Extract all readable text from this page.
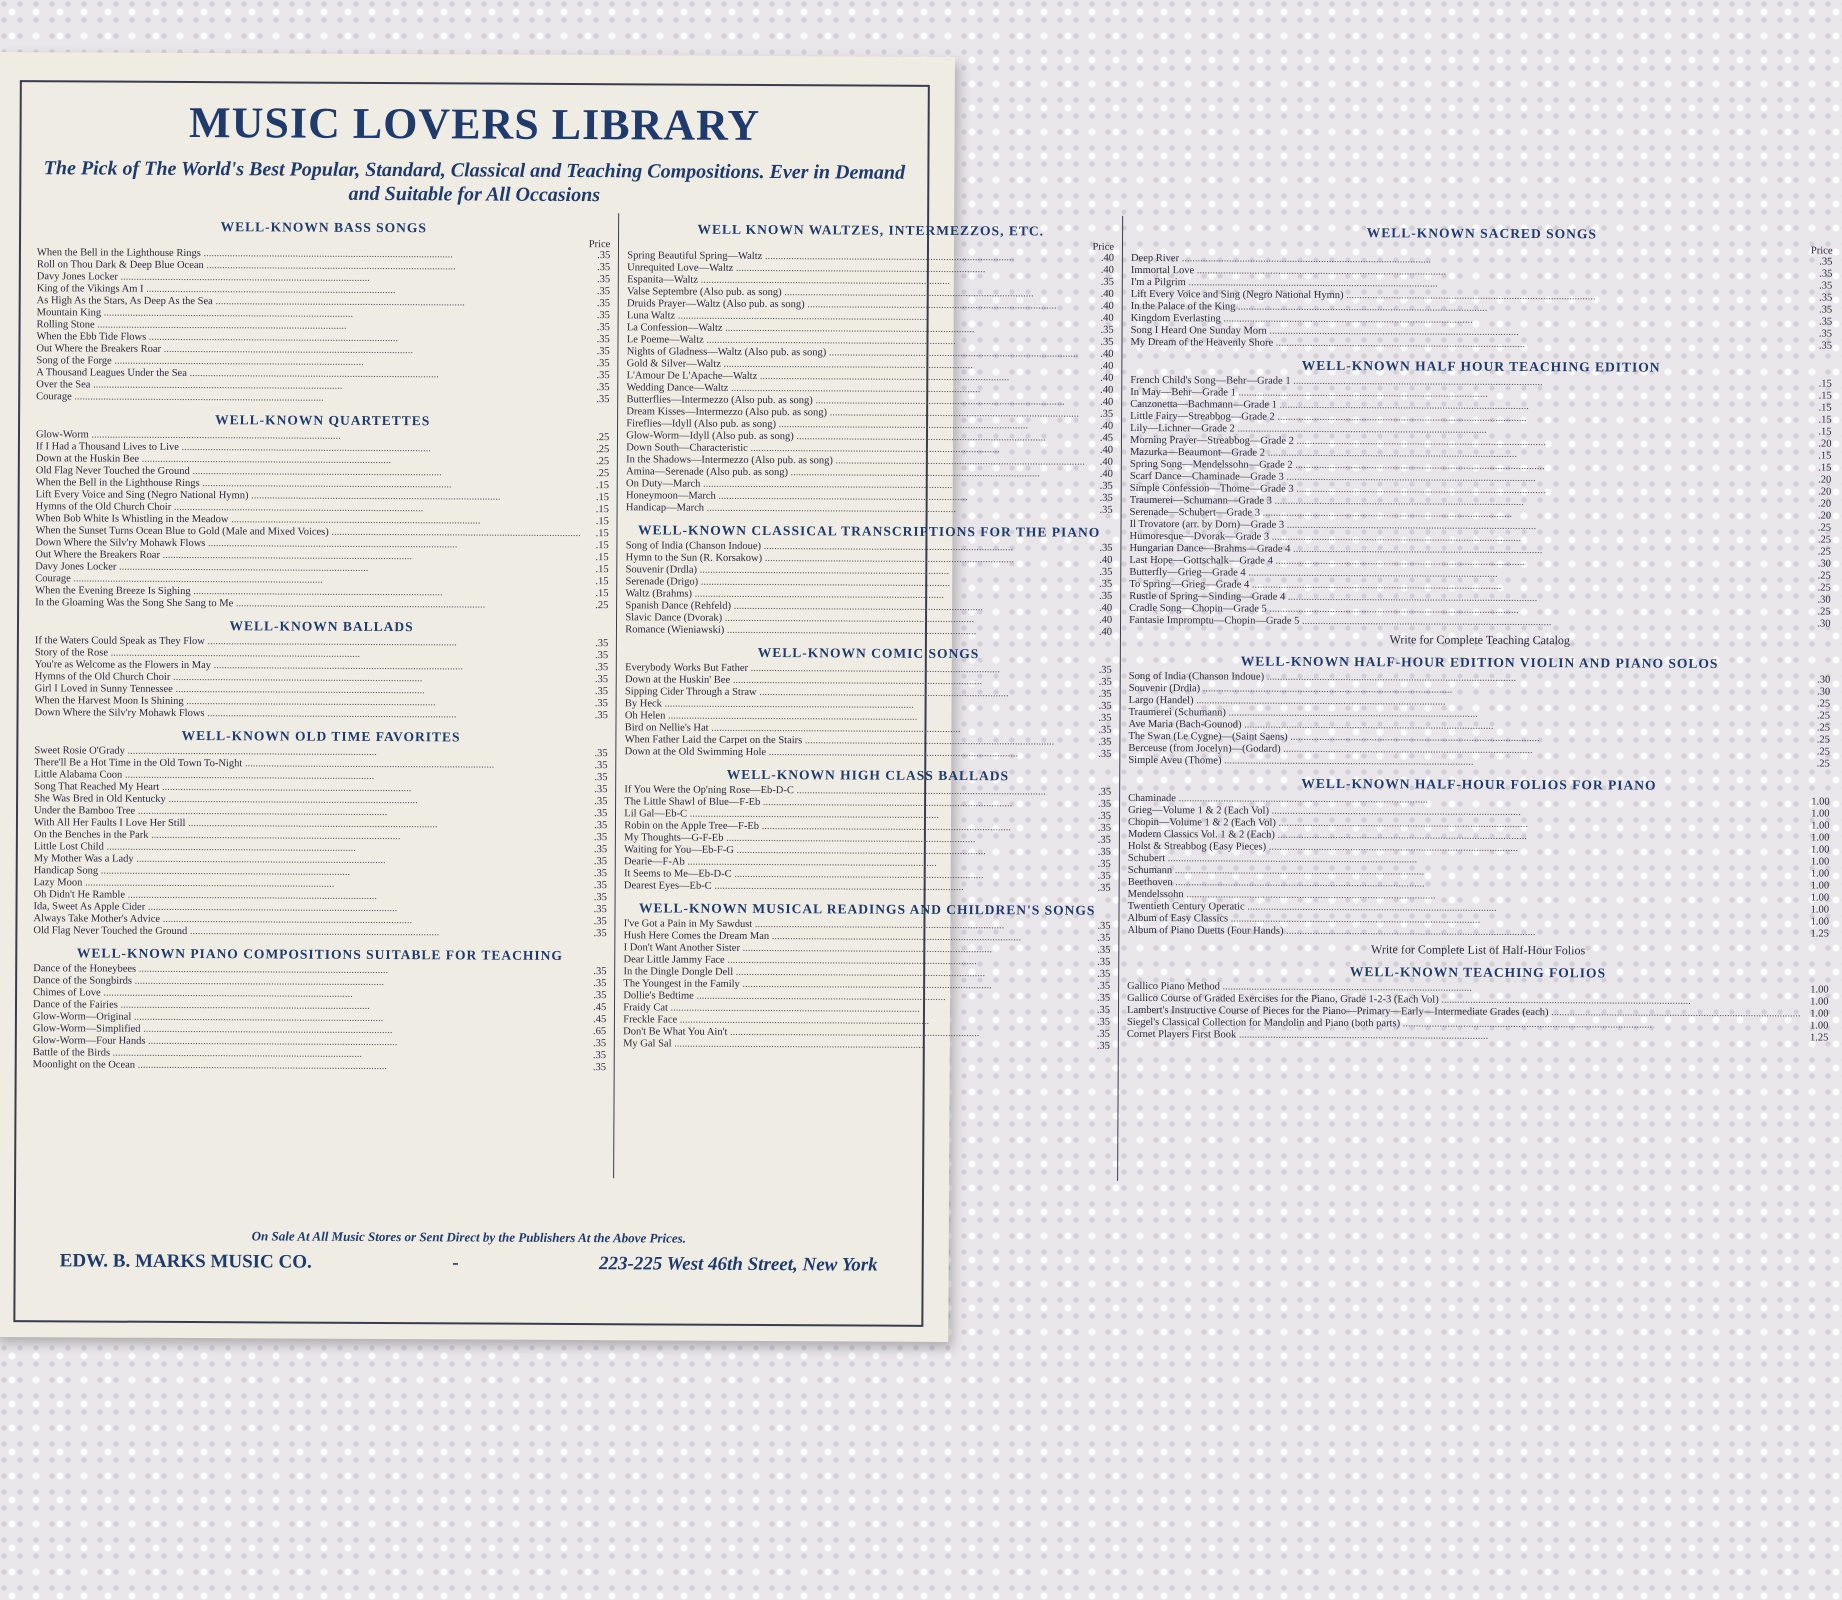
MUSIC LOVERS LIBRARY
The Pick of The World's Best Popular, Standard, Classical and Teaching Compositions. Ever in Demand and Suitable for All Occasions
WELL-KNOWN BASS SONGS
Price
When the Bell in the Lighthouse Rings .....	.35
Roll on Thou Dark & Deep Blue Ocean .....	.35
Davy Jones Locker .....	.35
King of the Vikings Am I .....	.35
As High As the Stars, As Deep As the Sea .....	.35
Mountain King .....	.35
Rolling Stone .....	.35
When the Ebb Tide Flows .....	.35
Out Where the Breakers Roar .....	.35
Song of the Forge .....	.35
A Thousand Leagues Under the Sea .....	.35
Over the Sea .....	.35
Courage .....	.35
WELL-KNOWN QUARTETTES
Glow-Worm .....	.25
If I Had a Thousand Lives to Live .....	.25
Down at the Huskin Bee .....	.25
Old Flag Never Touched the Ground .....	.25
When the Bell in the Lighthouse Rings .....	.15
Lift Every Voice and Sing (Negro National Hymn) .....	.15
Hymns of the Old Church Choir .....	.15
When Bob White Is Whistling in the Meadow .....	.15
When the Sunset Turns Ocean Blue to Gold (Male and Mixed Voices) .....	.15
Down Where the Silv'ry Mohawk Flows .....	.15
Out Where the Breakers Roar .....	.15
Davy Jones Locker .....	.15
Courage .....	.15
When the Evening Breeze Is Sighing .....	.15
In the Gloaming Was the Song She Sang to Me .....	.25
WELL-KNOWN BALLADS
If the Waters Could Speak as They Flow .....	.35
Story of the Rose .....	.35
You're as Welcome as the Flowers in May .....	.35
Hymns of the Old Church Choir .....	.35
Girl I Loved in Sunny Tennessee .....	.35
When the Harvest Moon Is Shining .....	.35
Down Where the Silv'ry Mohawk Flows .....	.35
WELL-KNOWN OLD TIME FAVORITES
Sweet Rosie O'Grady .....	.35
There'll Be a Hot Time in the Old Town To-Night .....	.35
Little Alabama Coon .....	.35
Song That Reached My Heart .....	.35
She Was Bred in Old Kentucky .....	.35
Under the Bamboo Tree .....	.35
With All Her Faults I Love Her Still .....	.35
On the Benches in the Park .....	.35
Little Lost Child .....	.35
My Mother Was a Lady .....	.35
Handicap Song .....	.35
Lazy Moon .....	.35
Oh Didn't He Ramble .....	.35
Ida, Sweet As Apple Cider .....	.35
Always Take Mother's Advice .....	.35
Old Flag Never Touched the Ground .....	.35
WELL-KNOWN PIANO COMPOSITIONS SUITABLE FOR TEACHING
Dance of the Honeybees .....	.35
Dance of the Songbirds .....	.35
Chimes of Love .....	.35
Dance of the Fairies .....	.45
Glow-Worm—Original .....	.45
Glow-Worm—Simplified .....	.65
Glow-Worm—Four Hands .....	.35
Battle of the Birds .....	.35
Moonlight on the Ocean .....	.35
WELL KNOWN WALTZES, INTERMEZZOS, ETC.
Price
Spring Beautiful Spring—Waltz .....	.40
Unrequited Love—Waltz .....	.40
Espanita—Waltz .....	.35
Valse Septembre (Also pub. as song) .....	.40
Druids Prayer—Waltz (Also pub. as song) .....	.40
Luna Waltz .....	.40
La Confession—Waltz .....	.35
Le Poeme—Waltz .....	.35
Nights of Gladness—Waltz (Also pub. as song) .....	.40
Gold & Silver—Waltz .....	.40
L'Amour De L'Apache—Waltz .....	.40
Wedding Dance—Waltz .....	.40
Butterflies—Intermezzo (Also pub. as song) .....	.40
Dream Kisses—Intermezzo (Also pub. as song) .....	.35
Fireflies—Idyll (Also pub. as song) .....	.40
Glow-Worm—Idyll (Also pub. as song) .....	.45
Down South—Characteristic .....	.40
In the Shadows—Intermezzo (Also pub. as song) .....	.40
Amina—Serenade (Also pub. as song) .....	.40
On Duty—March .....	.35
Honeymoon—March .....	.35
Handicap—March .....	.35
WELL-KNOWN CLASSICAL TRANSCRIPTIONS FOR THE PIANO
Song of India (Chanson Indoue) .....	.35
Hymn to the Sun (R. Korsakow) .....	.40
Souvenir (Drdla) .....	.35
Serenade (Drigo) .....	.35
Waltz (Brahms) .....	.35
Spanish Dance (Rehfeld) .....	.40
Slavic Dance (Dvorak) .....	.40
Romance (Wieniawski) .....	.40
WELL-KNOWN COMIC SONGS
Everybody Works But Father .....	.35
Down at the Huskin' Bee .....	.35
Sipping Cider Through a Straw .....	.35
By Heck .....	.35
Oh Helen .....	.35
Bird on Nellie's Hat .....	.35
When Father Laid the Carpet on the Stairs .....	.35
Down at the Old Swimming Hole .....	.35
WELL-KNOWN HIGH CLASS BALLADS
If You Were the Op'ning Rose—Eb-D-C .....	.35
The Little Shawl of Blue—F-Eb .....	.35
Lil Gal—Eb-C .....	.35
Robin on the Apple Tree—F-Eb .....	.35
My Thoughts—G-F-Eb .....	.35
Waiting for You—Eb-F-G .....	.35
Dearie—F-Ab .....	.35
It Seems to Me—Eb-D-C .....	.35
Dearest Eyes—Eb-C .....	.35
WELL-KNOWN MUSICAL READINGS AND CHILDREN'S SONGS
I've Got a Pain in My Sawdust .....	.35
Hush Here Comes the Dream Man .....	.35
I Don't Want Another Sister .....	.35
Dear Little Jammy Face .....	.35
In the Dingle Dongle Dell .....	.35
The Youngest in the Family .....	.35
Dollie's Bedtime .....	.35
Fraidy Cat .....	.35
Freckle Face .....	.35
Don't Be What You Ain't .....	.35
My Gal Sal .....	.35
WELL-KNOWN SACRED SONGS
Price
Deep River .....	.35
Immortal Love .....	.35
I'm a Pilgrim .....	.35
Lift Every Voice and Sing (Negro National Hymn) .....	.35
In the Palace of the King .....	.35
Kingdom Everlasting .....	.35
Song I Heard One Sunday Morn .....	.35
My Dream of the Heavenly Shore .....	.35
WELL-KNOWN HALF HOUR TEACHING EDITION
French Child's Song—Behr—Grade 1 .....	.15
In May—Behr—Grade 1 .....	.15
Canzonetta—Bachmann—Grade 1 .....	.15
Little Fairy—Streabbog—Grade 2 .....	.15
Lily—Lichner—Grade 2 .....	.15
Morning Prayer—Streabbog—Grade 2 .....	.20
Mazurka—Beaumont—Grade 2 .....	.15
Spring Song—Mendelssohn—Grade 2 .....	.15
Scarf Dance—Chaminade—Grade 3 .....	.20
Simple Confession—Thome—Grade 3 .....	.20
Traumerei—Schumann—Grade 3 .....	.20
Serenade—Schubert—Grade 3 .....	.20
Il Trovatore (arr. by Dorn)—Grade 3 .....	.25
Humoresque—Dvorak—Grade 3 .....	.25
Hungarian Dance—Brahms—Grade 4 .....	.25
Last Hope—Gottschalk—Grade 4 .....	.30
Butterfly—Grieg—Grade 4 .....	.25
To Spring—Grieg—Grade 4 .....	.25
Rustle of Spring—Sinding—Grade 4 .....	.30
Cradle Song—Chopin—Grade 5 .....	.25
Fantasie Impromptu—Chopin—Grade 5 .....	.30
Write for Complete Teaching Catalog
WELL-KNOWN HALF-HOUR EDITION VIOLIN AND PIANO SOLOS
Song of India (Chanson Indoue) .....	.30
Souvenir (Drdla) .....	.30
Largo (Handel) .....	.25
Traumerei (Schumann) .....	.25
Ave Maria (Bach-Gounod) .....	.25
The Swan (Le Cygne)—(Saint Saens) .....	.25
Berceuse (from Jocelyn)—(Godard) .....	.25
Simple Aveu (Thome) .....	.25
WELL-KNOWN HALF-HOUR FOLIOS FOR PIANO
Chaminade .....	1.00
Grieg—Volume 1 & 2 (Each Vol) .....	1.00
Chopin—Volume 1 & 2 (Each Vol) .....	1.00
Modern Classics Vol. 1 & 2 (Each) .....	1.00
Holst & Streabbog (Easy Pieces) .....	1.00
Schubert .....	1.00
Schumann .....	1.00
Beethoven .....	1.00
Mendelssohn .....	1.00
Twentieth Century Operatic .....	1.00
Album of Easy Classics .....	1.00
Album of Piano Duetts (Four Hands) .....	1.25
Write for Complete List of Half-Hour Folios
WELL-KNOWN TEACHING FOLIOS
Gallico Piano Method .....	1.00
Gallico Course of Graded Exercises for the Piano, Grade 1-2-3 (Each Vol) .....	1.00
Lambert's Instructive Course of Pieces for the Piano—Primary—Early—Intermediate Grades (each) .....	1.00
Siegel's Classical Collection for Mandolin and Piano (both parts) .....	1.00
Cornet Players First Book .....	1.25
On Sale At All Music Stores or Sent Direct by the Publishers At the Above Prices.
EDW. B. MARKS MUSIC CO.	-	223-225 West 46th Street, New York
